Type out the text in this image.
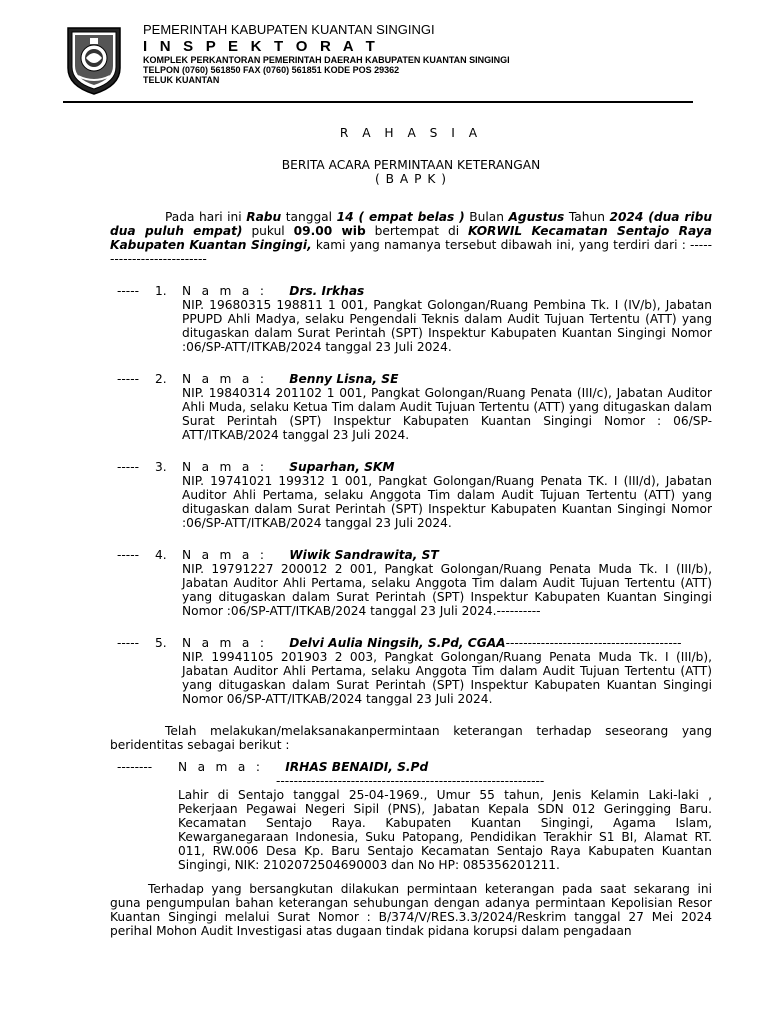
PEMERINTAH KABUPATEN KUANTAN SINGINGI
I N S P E K T O R A T
KOMPLEK PERKANTORAN PEMERINTAH DAERAH KABUPATEN KUANTAN SINGINGI
TELPON (0760) 561850 FAX (0760) 561851 KODE POS 29362
TELUK KUANTAN
R A H A S I A
BERITA ACARA PERMINTAAN KETERANGAN
( B A P K )
Pada hari ini Rabu tanggal 14 ( empat belas ) Bulan Agustus Tahun 2024 (dua ribu dua puluh empat) pukul 09.00 wib bertempat di KORWIL Kecamatan Sentajo Raya Kabupaten Kuantan Singingi, kami yang namanya tersebut dibawah ini, yang terdiri dari : ---------------------------
----- 1. N a m a : Drs. Irkhas
NIP. 19680315 198811 1 001, Pangkat Golongan/Ruang Pembina Tk. I (IV/b), Jabatan PPUPD Ahli Madya, selaku Pengendali Teknis dalam Audit Tujuan Tertentu (ATT) yang ditugaskan dalam Surat Perintah (SPT) Inspektur Kabupaten Kuantan Singingi Nomor :06/SP-ATT/ITKAB/2024 tanggal 23 Juli 2024.
----- 2. N a m a : Benny Lisna, SE
NIP. 19840314 201102 1 001, Pangkat Golongan/Ruang Penata (III/c), Jabatan Auditor Ahli Muda, selaku Ketua Tim dalam Audit Tujuan Tertentu (ATT) yang ditugaskan dalam Surat Perintah (SPT) Inspektur Kabupaten Kuantan Singingi Nomor : 06/SP-ATT/ITKAB/2024 tanggal 23 Juli 2024.
----- 3. N a m a : Suparhan, SKM
NIP. 19741021 199312 1 001, Pangkat Golongan/Ruang Penata TK. I (III/d), Jabatan Auditor Ahli Pertama, selaku Anggota Tim dalam Audit Tujuan Tertentu (ATT) yang ditugaskan dalam Surat Perintah (SPT) Inspektur Kabupaten Kuantan Singingi Nomor :06/SP-ATT/ITKAB/2024 tanggal 23 Juli 2024.
----- 4. N a m a : Wiwik Sandrawita, ST
NIP. 19791227 200012 2 001, Pangkat Golongan/Ruang Penata Muda Tk. I (III/b), Jabatan Auditor Ahli Pertama, selaku Anggota Tim dalam Audit Tujuan Tertentu (ATT) yang ditugaskan dalam Surat Perintah (SPT) Inspektur Kabupaten Kuantan Singingi Nomor :06/SP-ATT/ITKAB/2024 tanggal 23 Juli 2024.----------
----- 5. N a m a : Delvi Aulia Ningsih, S.Pd, CGAA----------------------------------------
NIP. 19941105 201903 2 003, Pangkat Golongan/Ruang Penata Muda Tk. I (III/b), Jabatan Auditor Ahli Pertama, selaku Anggota Tim dalam Audit Tujuan Tertentu (ATT) yang ditugaskan dalam Surat Perintah (SPT) Inspektur Kabupaten Kuantan Singingi Nomor 06/SP-ATT/ITKAB/2024 tanggal 23 Juli 2024.
Telah melakukan/melaksanakanpermintaan keterangan terhadap seseorang yang beridentitas sebagai berikut :
-------- N a m a : IRHAS BENAIDI, S.Pd
-------------------------------------------------------------
Lahir di Sentajo tanggal 25-04-1969., Umur 55 tahun, Jenis Kelamin Laki-laki , Pekerjaan Pegawai Negeri Sipil (PNS), Jabatan Kepala SDN 012 Geringging Baru. Kecamatan Sentajo Raya. Kabupaten Kuantan Singingi, Agama Islam, Kewarganegaraan Indonesia, Suku Patopang, Pendidikan Terakhir S1 BI, Alamat RT. 011, RW.006 Desa Kp. Baru Sentajo Kecamatan Sentajo Raya Kabupaten Kuantan Singingi, NIK: 2102072504690003 dan No HP: 085356201211.
Terhadap yang bersangkutan dilakukan permintaan keterangan pada saat sekarang ini guna pengumpulan bahan keterangan sehubungan dengan adanya permintaan Kepolisian Resor Kuantan Singingi melalui Surat Nomor : B/374/V/RES.3.3/2024/Reskrim tanggal 27 Mei 2024 perihal Mohon Audit Investigasi atas dugaan tindak pidana korupsi dalam pengadaan
